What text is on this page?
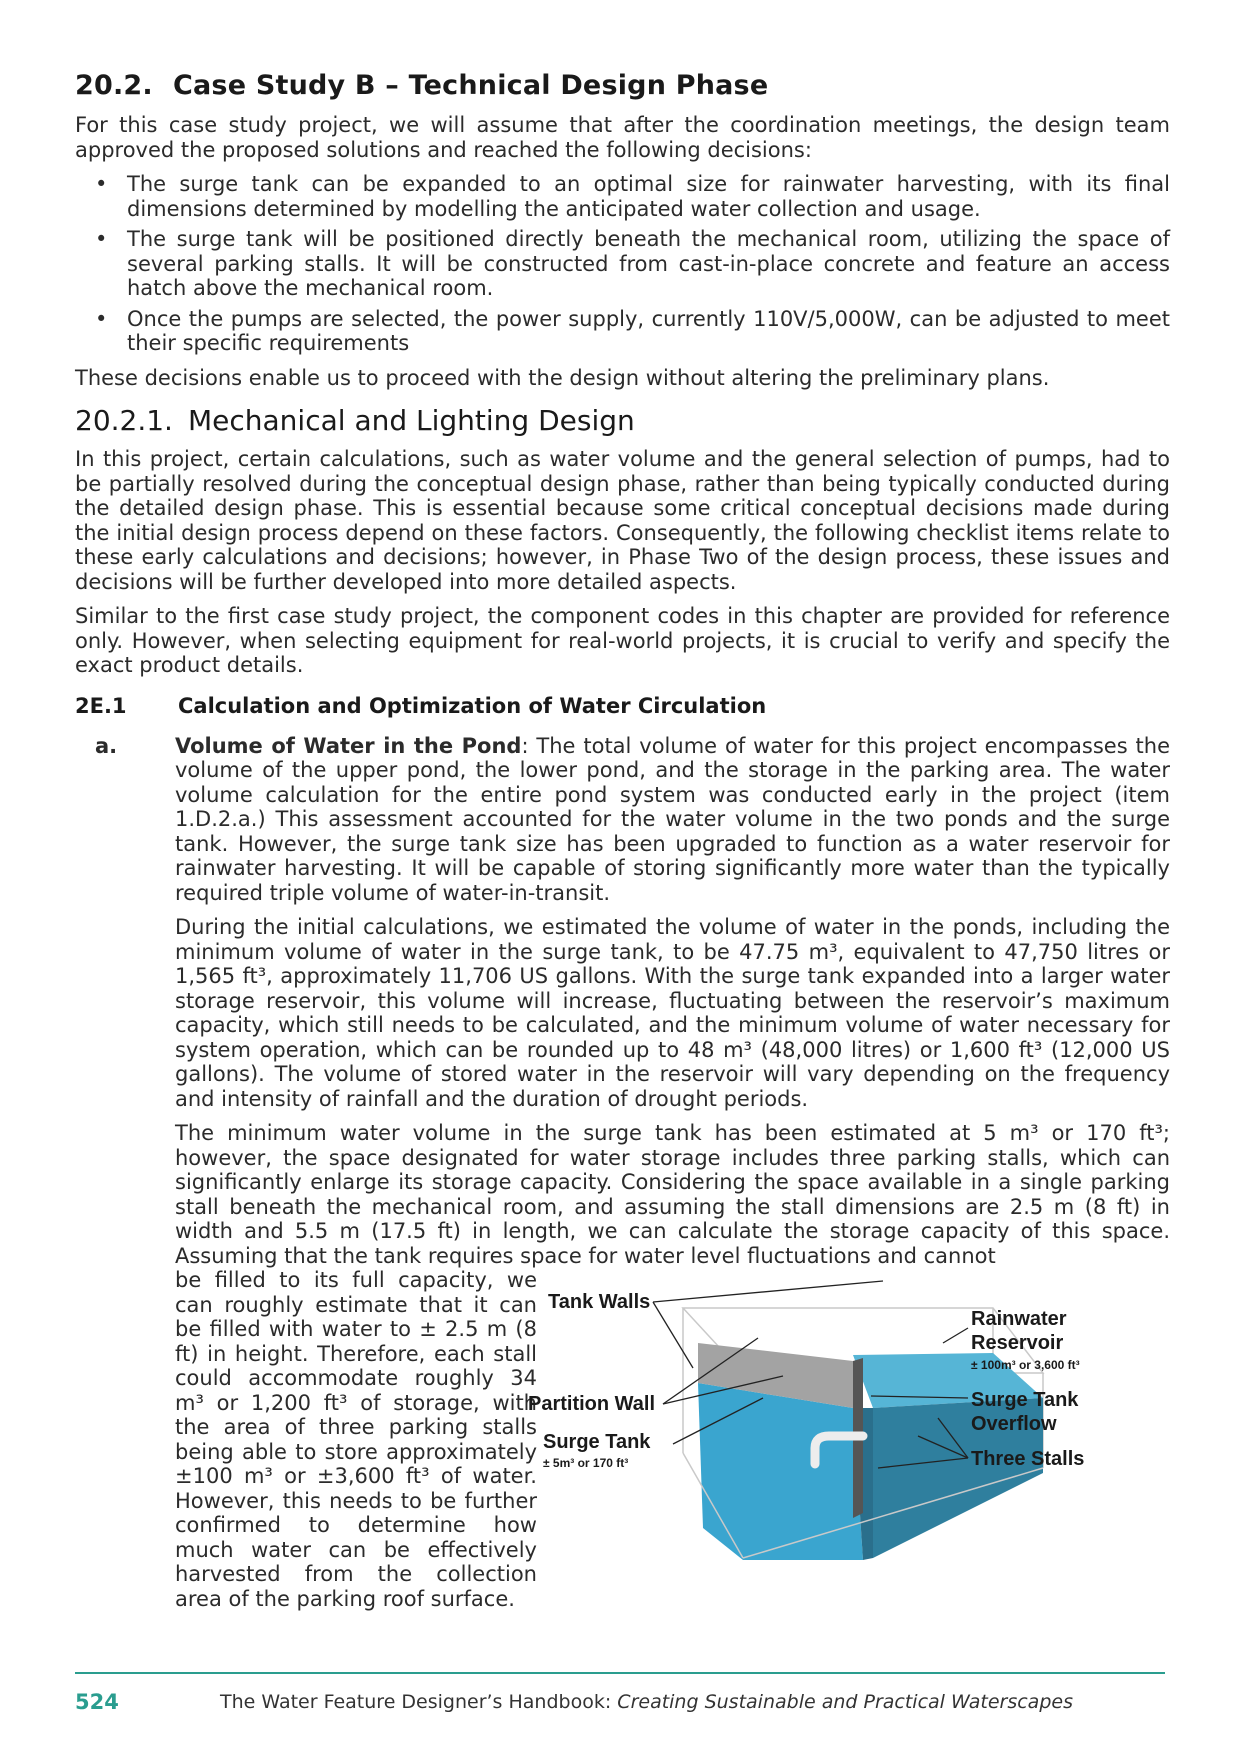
20.2. Case Study B – Technical Design Phase

For this case study project, we will assume that after the coordination meetings, the design team approved the proposed solutions and reached the following decisions:

• The surge tank can be expanded to an optimal size for rainwater harvesting, with its final dimensions determined by modelling the anticipated water collection and usage.
• The surge tank will be positioned directly beneath the mechanical room, utilizing the space of several parking stalls. It will be constructed from cast-in-place concrete and feature an access hatch above the mechanical room.
• Once the pumps are selected, the power supply, currently 110V/5,000W, can be adjusted to meet their specific requirements

These decisions enable us to proceed with the design without altering the preliminary plans.

20.2.1. Mechanical and Lighting Design

In this project, certain calculations, such as water volume and the general selection of pumps, had to be partially resolved during the conceptual design phase, rather than being typically conducted during the detailed design phase. This is essential because some critical conceptual decisions made during the initial design process depend on these factors. Consequently, the following checklist items relate to these early calculations and decisions; however, in Phase Two of the design process, these issues and decisions will be further developed into more detailed aspects.

Similar to the first case study project, the component codes in this chapter are provided for reference only. However, when selecting equipment for real-world projects, it is crucial to verify and specify the exact product details.

2E.1 Calculation and Optimization of Water Circulation
a.	Volume of Water in the Pond: The total volume of water for this project encompasses the volume of the upper pond, the lower pond, and the storage in the parking area. The water volume calculation for the entire pond system was conducted early in the project (item 1.D.2.a.) This assessment accounted for the water volume in the two ponds and the surge tank. However, the surge tank size has been upgraded to function as a water reservoir for rainwater harvesting. It will be capable of storing significantly more water than the typically required triple volume of water-in-transit.

During the initial calculations, we estimated the volume of water in the ponds, including the minimum volume of water in the surge tank, to be 47.75 m³, equivalent to 47,750 litres or 1,565 ft³, approximately 11,706 US gallons. With the surge tank expanded into a larger water storage reservoir, this volume will increase, fluctuating between the reservoir’s maximum capacity, which still needs to be calculated, and the minimum volume of water necessary for system operation, which can be rounded up to 48 m³ (48,000 litres) or 1,600 ft³ (12,000 US gallons). The volume of stored water in the reservoir will vary depending on the frequency and intensity of rainfall and the duration of drought periods.

The minimum water volume in the surge tank has been estimated at 5 m³ or 170 ft³; however, the space designated for water storage includes three parking stalls, which can significantly enlarge its storage capacity. Considering the space available in a single parking stall beneath the mechanical room, and assuming the stall dimensions are 2.5 m (8 ft) in width and 5.5 m (17.5 ft) in length, we can calculate the storage capacity of this space. Assuming that the tank requires space for water level fluctuations and cannot

be filled to its full capacity, we can roughly estimate that it can be filled with water to ± 2.5 m (8 ft) in height. Therefore, each stall could accommodate roughly 34 m³ or 1,200 ft³ of storage, with the area of three parking stalls being able to store approximately ±100 m³ or ±3,600 ft³ of water. However, this needs to be further confirmed to determine how much water can be effectively harvested from the collection area of the parking roof surface.
Tank Walls
Partition Wall
Surge Tank
± 5m³ or 170 ft³
Rainwater
Reservoir
± 100m³ or 3,600 ft³
Surge Tank
Overflow
Three Stalls
524	The Water Feature Designer’s Handbook: Creating Sustainable and Practical Waterscapes
